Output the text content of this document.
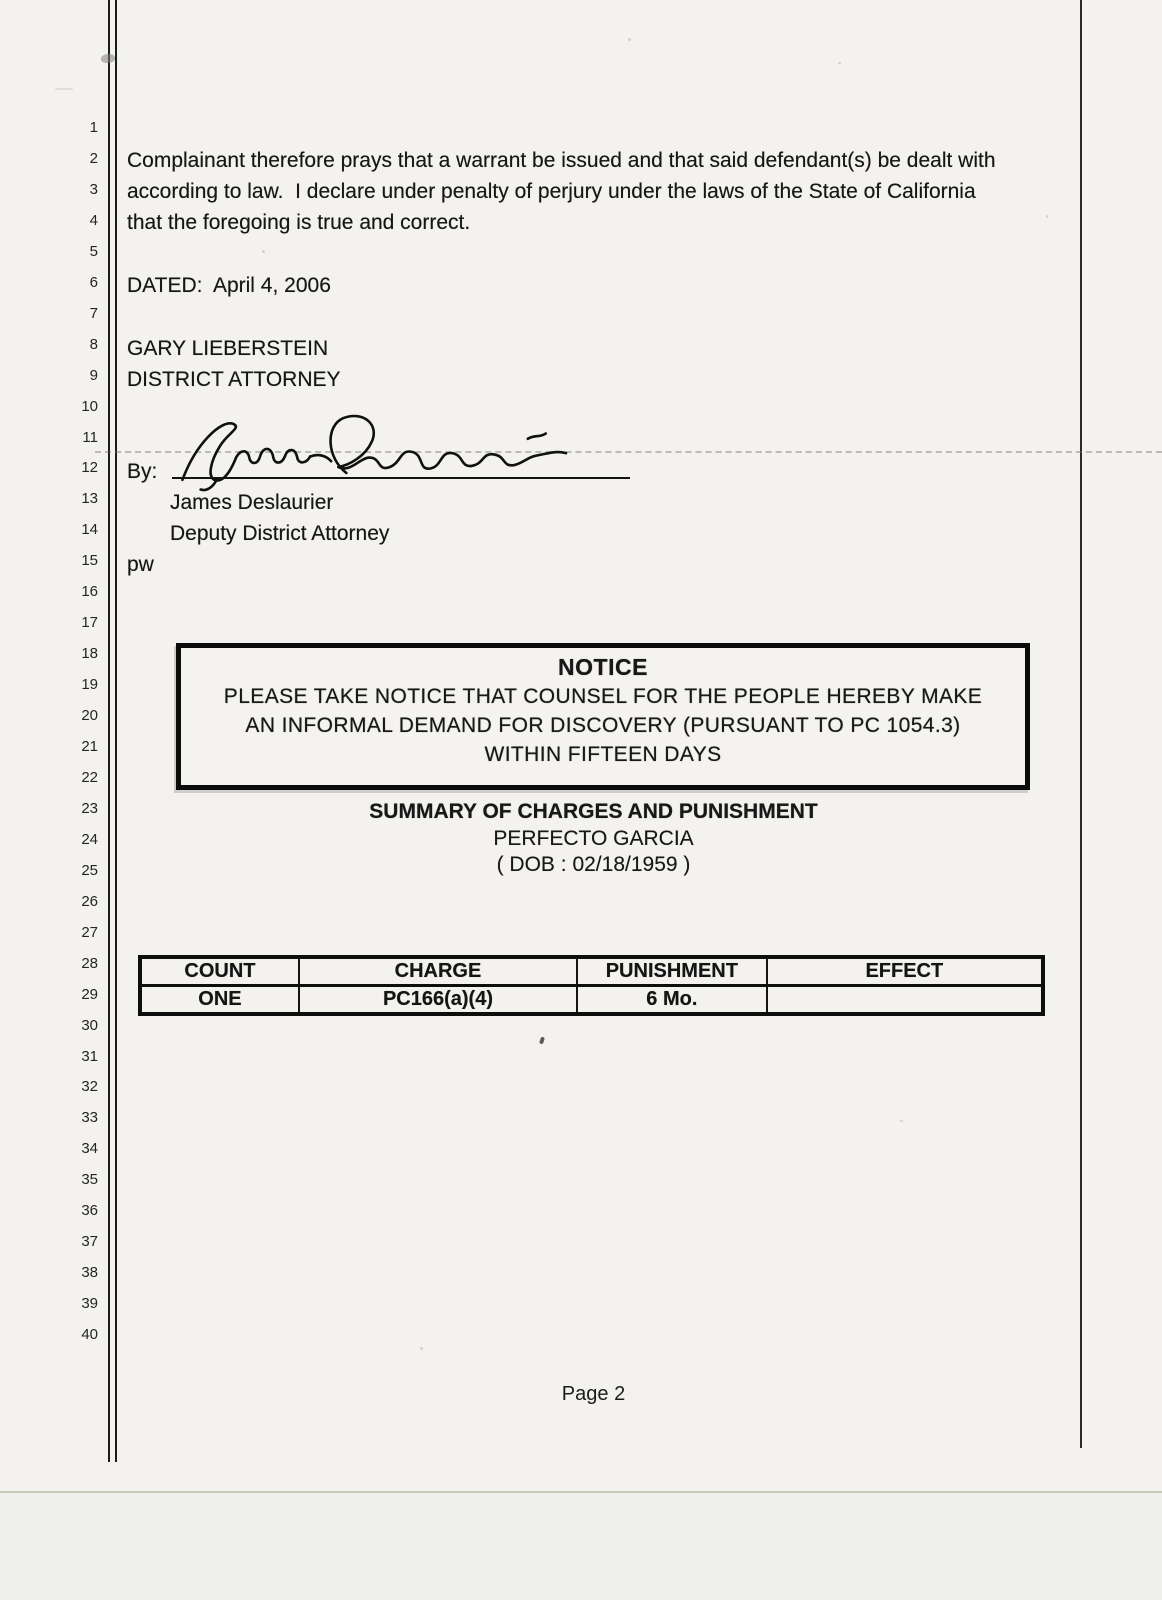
1
2
3
4
5
6
7
8
9
10
11
12
13
14
15
16
17
18
19
20
21
22
23
24
25
26
27
28
29
30
31
32
33
34
35
36
37
38
39
40
Complainant therefore prays that a warrant be issued and that said defendant(s) be dealt with
according to law.  I declare under penalty of perjury under the laws of the State of California
that the foregoing is true and correct.
DATED:  April 4, 2006
GARY LIEBERSTEIN
DISTRICT ATTORNEY
By:
James Deslaurier
Deputy District Attorney
pw
NOTICE
PLEASE TAKE NOTICE THAT COUNSEL FOR THE PEOPLE HEREBY MAKE
AN INFORMAL DEMAND FOR DISCOVERY (PURSUANT TO PC 1054.3)
WITHIN FIFTEEN DAYS
SUMMARY OF CHARGES AND PUNISHMENT
PERFECTO GARCIA
( DOB : 02/18/1959 )
COUNT	CHARGE	PUNISHMENT	EFFECT
ONE	PC166(a)(4)	6 Mo.	
Page 2
